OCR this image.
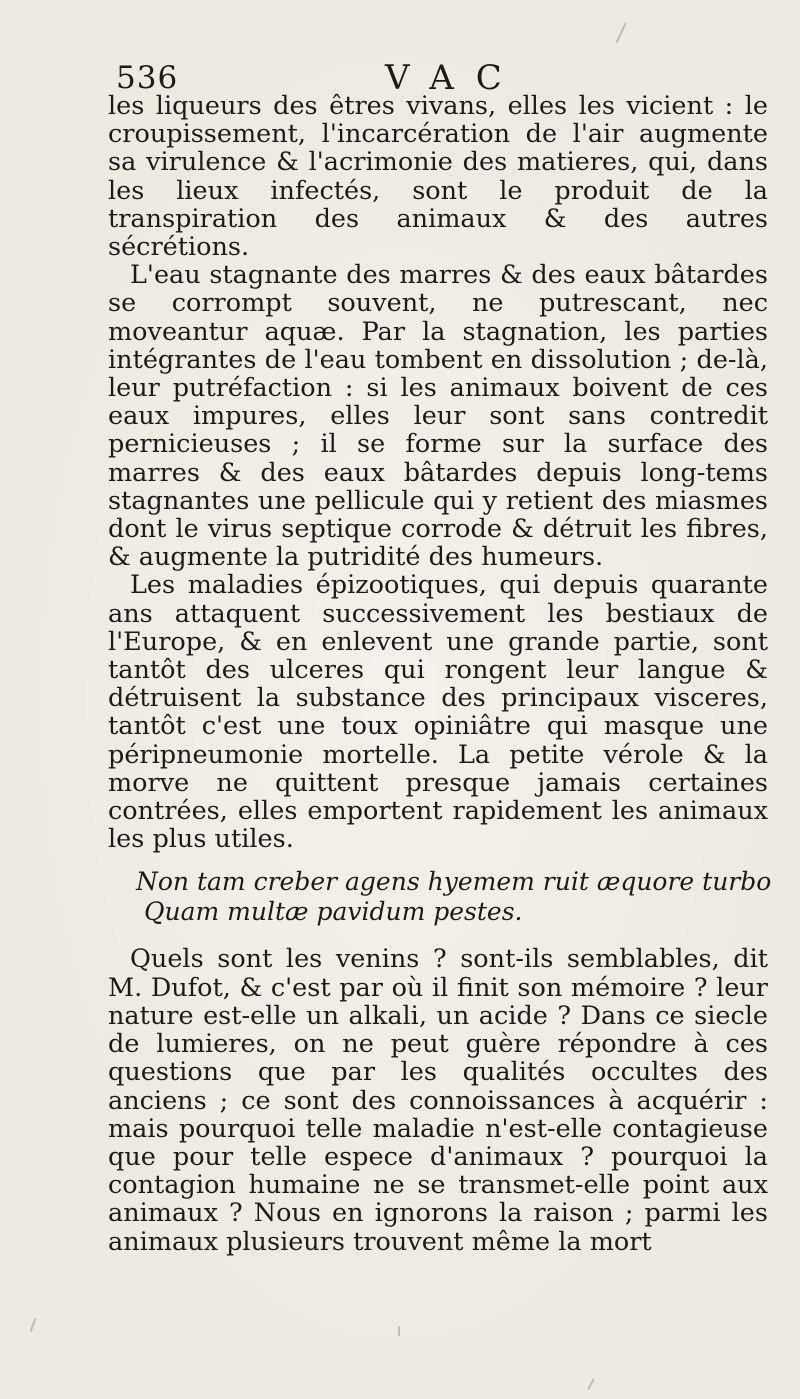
536	VAC

les liqueurs des êtres vivans, elles les vicient : le croupissement, l'incarcération de l'air augmente sa virulence & l'acrimonie des matieres, qui, dans les lieux infectés, sont le produit de la transpiration des animaux & des autres sécrétions.

L'eau stagnante des marres & des eaux bâtardes se corrompt souvent, ne putrescant, nec moveantur aquæ. Par la stagnation, les parties intégrantes de l'eau tombent en dissolution ; de-là, leur putréfaction : si les animaux boivent de ces eaux impures, elles leur sont sans contredit pernicieuses ; il se forme sur la surface des marres & des eaux bâtardes depuis long-tems stagnantes une pellicule qui y retient des miasmes dont le virus septique corrode & détruit les fibres, & augmente la putridité des humeurs.

Les maladies épizootiques, qui depuis quarante ans attaquent successivement les bestiaux de l'Europe, & en enlevent une grande partie, sont tantôt des ulceres qui rongent leur langue & détruisent la substance des principaux visceres, tantôt c'est une toux opiniâtre qui masque une péripneumonie mortelle. La petite vérole & la morve ne quittent presque jamais certaines contrées, elles emportent rapidement les animaux les plus utiles.

Non tam creber agens hyemem ruit æquore turbo
Quam multæ pavidum pestes.

Quels sont les venins ? sont-ils semblables, dit M. Dufot, & c'est par où il finit son mémoire ? leur nature est-elle un alkali, un acide ? Dans ce siecle de lumieres, on ne peut guère répondre à ces questions que par les qualités occultes des anciens ; ce sont des connoissances à acquérir : mais pourquoi telle maladie n'est-elle contagieuse que pour telle espece d'animaux ? pourquoi la contagion humaine ne se transmet-elle point aux animaux ? Nous en ignorons la raison ; parmi les animaux plusieurs trouvent même la mort
